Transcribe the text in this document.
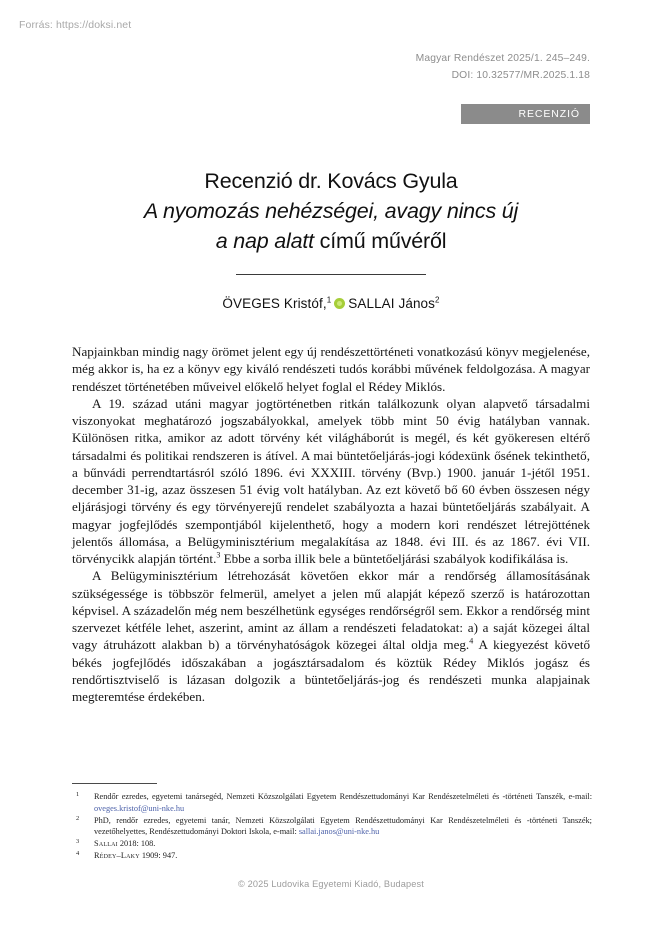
Forrás: https://doksi.net
Magyar Rendészet 2025/1. 245–249.
DOI: 10.32577/MR.2025.1.18
RECENZIÓ
Recenzió dr. Kovács Gyula
A nyomozás nehézségei, avagy nincs új
a nap alatt című művéről
ÖVEGES Kristóf,$^1$ SALLAI János$^2$

Napjainkban mindig nagy örömet jelent egy új rendészettörténeti vonatkozású könyv megjelenése, még akkor is, ha ez a könyv egy kiváló rendészeti tudós korábbi művének feldolgozása. A magyar rendészet történetében műveivel előkelő helyet foglal el Rédey Miklós.

A 19. század utáni magyar jogtörténetben ritkán találkozunk olyan alapvető társadalmi viszonyokat meghatározó jogszabályokkal, amelyek több mint 50 évig hatályban vannak. Különösen ritka, amikor az adott törvény két világháborút is megél, és két gyökeresen eltérő társadalmi és politikai rendszeren is átível. A mai büntetőeljárás-jogi kódexünk ősének tekinthető, a bűnvádi perrendtartásról szóló 1896. évi XXXIII. törvény (Bvp.) 1900. január 1-jétől 1951. december 31-ig, azaz összesen 51 évig volt hatályban. Az ezt követő bő 60 évben összesen négy eljárásjogi törvény és egy törvényerejű rendelet szabályozta a hazai büntetőeljárás szabályait. A magyar jogfejlődés szempontjából kijelenthető, hogy a modern kori rendészet létrejöttének jelentős állomása, a Belügyminisztérium megalakítása az 1848. évi III. és az 1867. évi VII. törvénycikk alapján történt.$^3$ Ebbe a sorba illik bele a büntetőeljárási szabályok kodifikálása is.

A Belügyminisztérium létrehozását követően ekkor már a rendőrség államosításának szükségessége is többször felmerül, amelyet a jelen mű alapját képező szerző is határozottan képvisel. A századelőn még nem beszélhetünk egységes rendőrségről sem. Ekkor a rendőrség mint szervezet kétféle lehet, aszerint, amint az állam a rendészeti feladatokat: a) a saját közegei által vagy átruházott alakban b) a törvényhatóságok közegei által oldja meg.$^4$ A kiegyezést követő békés jogfejlődés időszakában a jogásztársadalom és köztük Rédey Miklós jogász és rendőrtisztviselő is lázasan dolgozik a büntetőeljárás-jog és rendészeti munka alapjainak megteremtése érdekében.

1 Rendőr ezredes, egyetemi tanársegéd, Nemzeti Közszolgálati Egyetem Rendészettudományi Kar Rendészetelméleti és -történeti Tanszék, e-mail: oveges.kristof@uni-nke.hu
2 PhD, rendőr ezredes, egyetemi tanár, Nemzeti Közszolgálati Egyetem Rendészettudományi Kar Rendészetelméleti és -történeti Tanszék; vezetőhelyettes, Rendészettudományi Doktori Iskola, e-mail: sallai.janos@uni-nke.hu
3 Sallai 2018: 108.
4 Rédey–Laky 1909: 947.
© 2025 Ludovika Egyetemi Kiadó, Budapest
